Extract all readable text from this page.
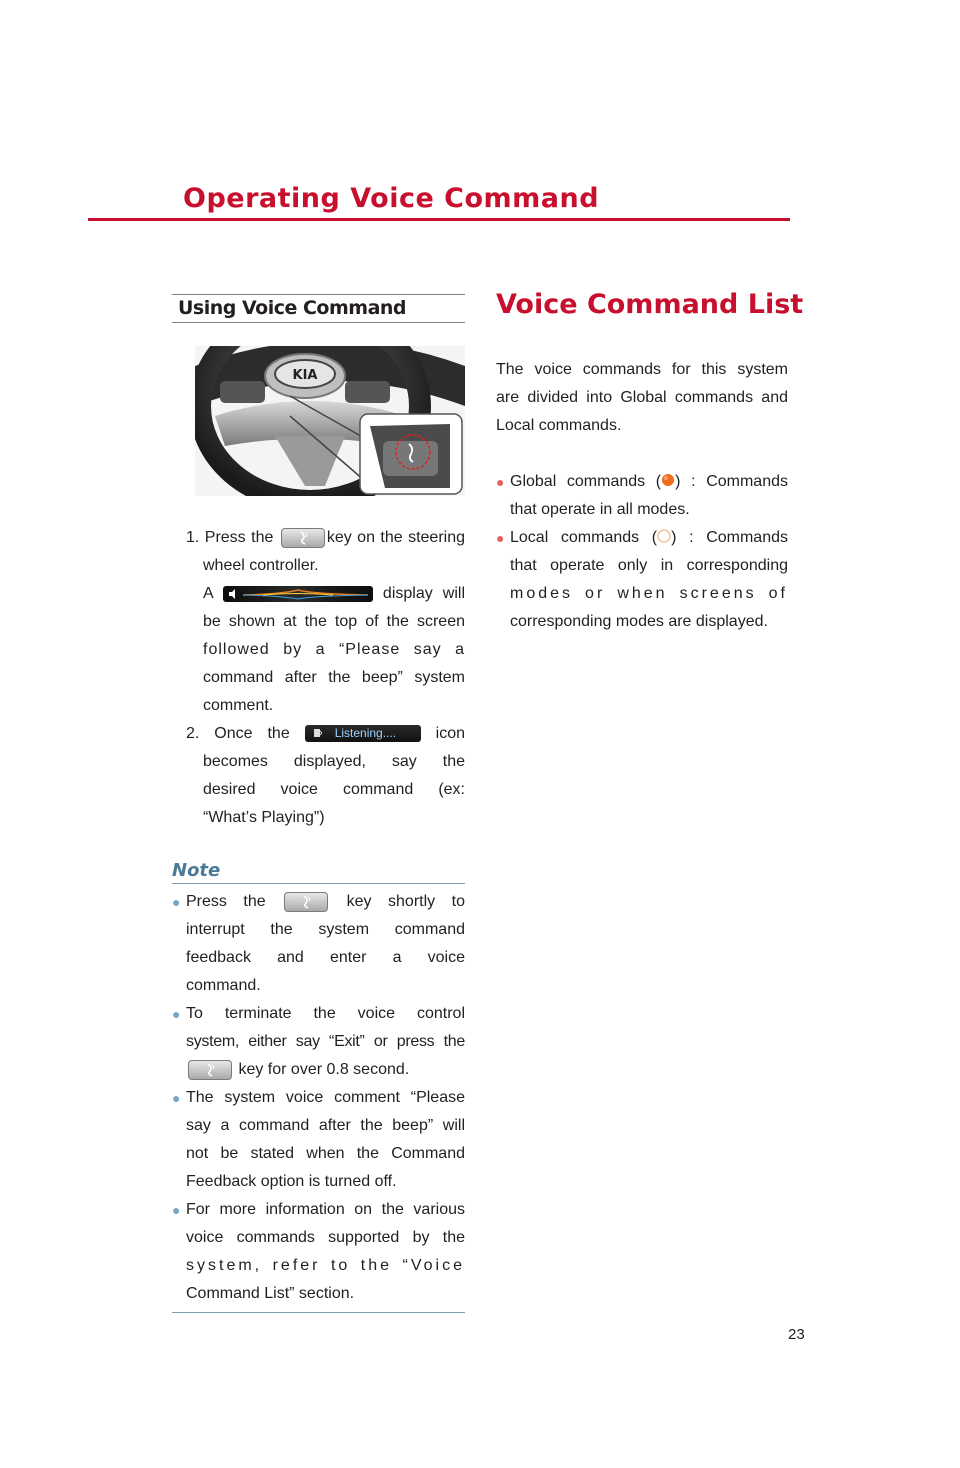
Operating Voice Command
Using Voice Command
KIA
1. Press the	key on the steering
wheel controller.
A	display will
be shown at the top of the screen
followed by a “Please say a
command after the beep” system
comment.
2. Once the	Listening.... icon
becomes displayed, say the
desired voice command (ex:
“What’s Playing”)
Note
● Press the	key shortly to
interrupt the system command
feedback and enter a voice
command.
● To terminate the voice control
system, either say “Exit” or press the
key for over 0.8 second.
● The system voice comment “Please
say a command after the beep” will
not be stated when the Command
Feedback option is turned off.
● For more information on the various
voice commands supported by the
system, refer to the “Voice
Command List” section.
Voice Command List
The voice commands for this system
are divided into Global commands and
Local commands.
● Global commands ( ) : Commands
that operate in all modes.
● Local commands ( ) : Commands
that operate only in corresponding
modes or when screens of
corresponding modes are displayed.
23
